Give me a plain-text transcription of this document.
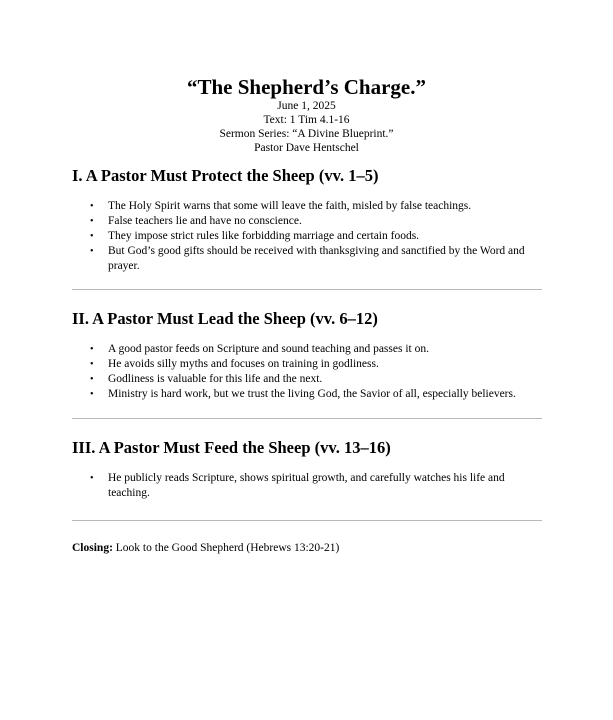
“The Shepherd’s Charge.”

June 1, 2025

Text: 1 Tim 4.1-16

Sermon Series: “A Divine Blueprint.”

Pastor Dave Hentschel

I. A Pastor Must Protect the Sheep (vv. 1–5)
• The Holy Spirit warns that some will leave the faith, misled by false teachings.
• False teachers lie and have no conscience.
• They impose strict rules like forbidding marriage and certain foods.
• But God’s good gifts should be received with thanksgiving and sanctified by the Word and prayer.
II. A Pastor Must Lead the Sheep (vv. 6–12)
• A good pastor feeds on Scripture and sound teaching and passes it on.
• He avoids silly myths and focuses on training in godliness.
• Godliness is valuable for this life and the next.
• Ministry is hard work, but we trust the living God, the Savior of all, especially believers.
III. A Pastor Must Feed the Sheep (vv. 13–16)
• He publicly reads Scripture, shows spiritual growth, and carefully watches his life and teaching.
Closing: Look to the Good Shepherd (Hebrews 13:20-21)
